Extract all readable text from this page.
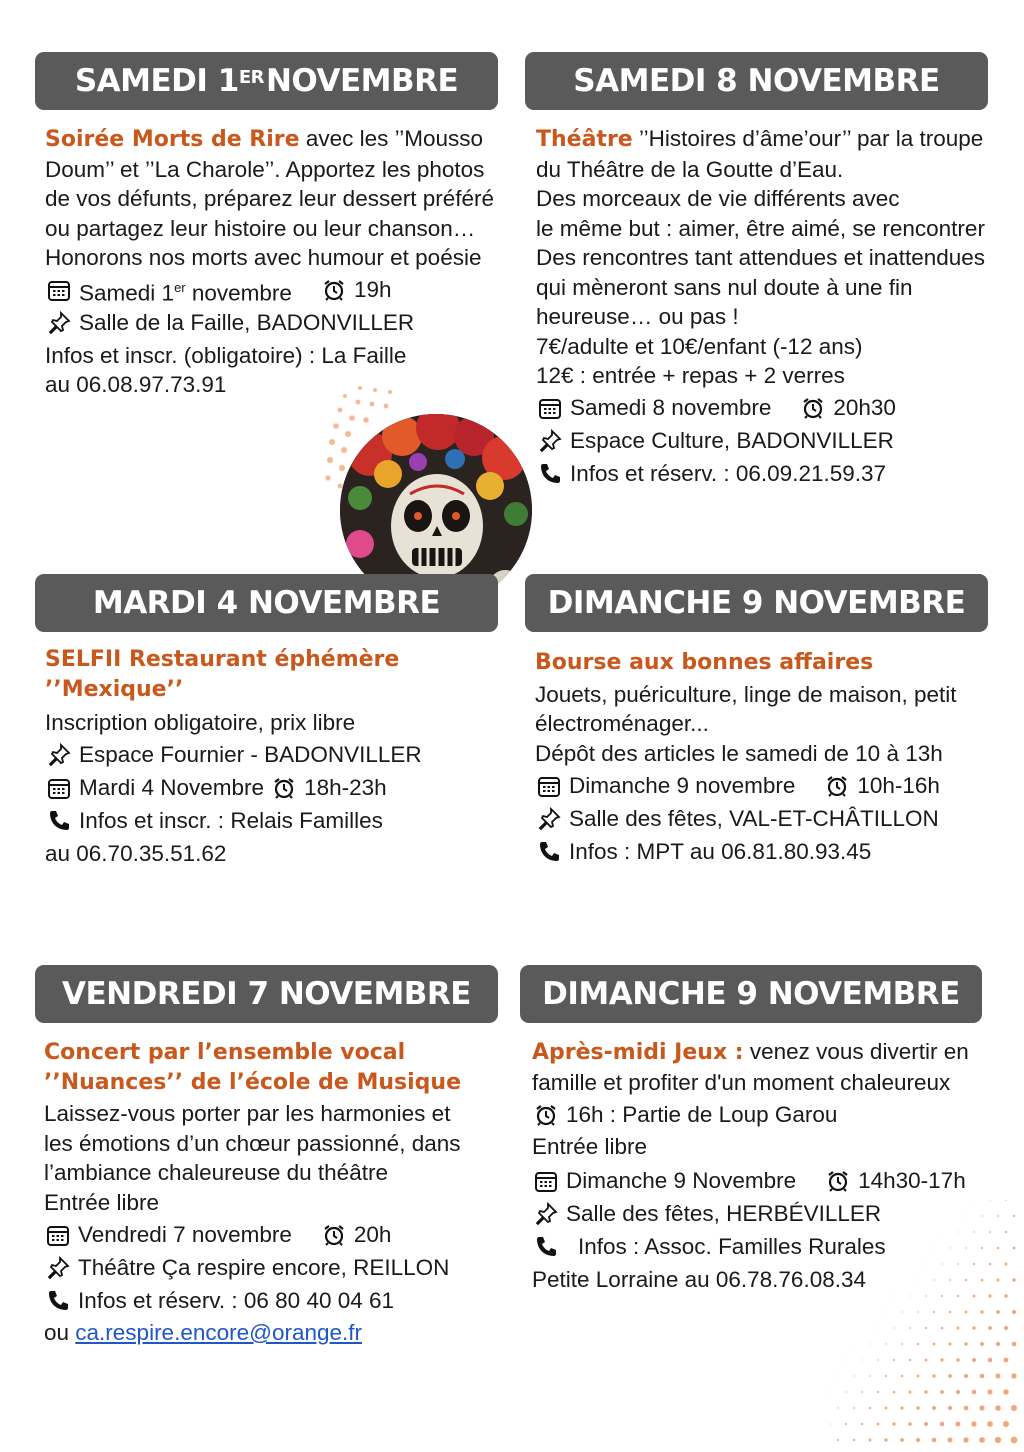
SAMEDI 1ER NOVEMBRE

Soirée Morts de Rire avec les ’’Mousso

Doum’’ et ’’La Charole’’. Apportez les photos

de vos défunts, préparez leur dessert préféré

ou partagez leur histoire ou leur chanson…

Honorons nos morts avec humour et poésie

Samedi 1er novembre	19h
Salle de la Faille, BADONVILLER

Infos et inscr. (obligatoire) : La Faille

au 06.08.97.73.91

SAMEDI 8 NOVEMBRE

Théâtre ’’Histoires d’âme’our’’ par la troupe

du Théâtre de la Goutte d’Eau.

Des morceaux de vie différents avec

le même but : aimer, être aimé, se rencontrer

Des rencontres tant attendues et inattendues

qui mèneront sans nul doute à une fin

heureuse… ou pas !

7€/adulte et 10€/enfant (-12 ans)

12€ : entrée + repas + 2 verres

Samedi 8 novembre	20h30
Espace Culture, BADONVILLER
Infos et réserv. : 06.09.21.59.37
MARDI 4 NOVEMBRE

SELFII Restaurant éphémère

’’Mexique’’

Inscription obligatoire, prix libre

Espace Fournier - BADONVILLER
Mardi 4 Novembre 18h-23h
Infos et inscr. : Relais Familles

au 06.70.35.51.62

DIMANCHE 9 NOVEMBRE

Bourse aux bonnes affaires

Jouets, puériculture, linge de maison, petit

électroménager...

Dépôt des articles le samedi de 10 à 13h

Dimanche 9 novembre	10h-16h
Salle des fêtes, VAL-ET-CHÂTILLON
Infos : MPT au 06.81.80.93.45
VENDREDI 7 NOVEMBRE

Concert par l’ensemble vocal

’’Nuances’’ de l’école de Musique

Laissez-vous porter par les harmonies et

les émotions d’un chœur passionné, dans

l’ambiance chaleureuse du théâtre

Entrée libre

Vendredi 7 novembre	20h
Théâtre Ça respire encore, REILLON
Infos et réserv. : 06 80 40 04 61

ou ca.respire.encore@orange.fr

DIMANCHE 9 NOVEMBRE

Après-midi Jeux : venez vous divertir en

famille et profiter d'un moment chaleureux

16h : Partie de Loup Garou

Entrée libre

Dimanche 9 Novembre	14h30-17h
Salle des fêtes, HERBÉVILLER
Infos : Assoc. Familles Rurales

Petite Lorraine au 06.78.76.08.34
